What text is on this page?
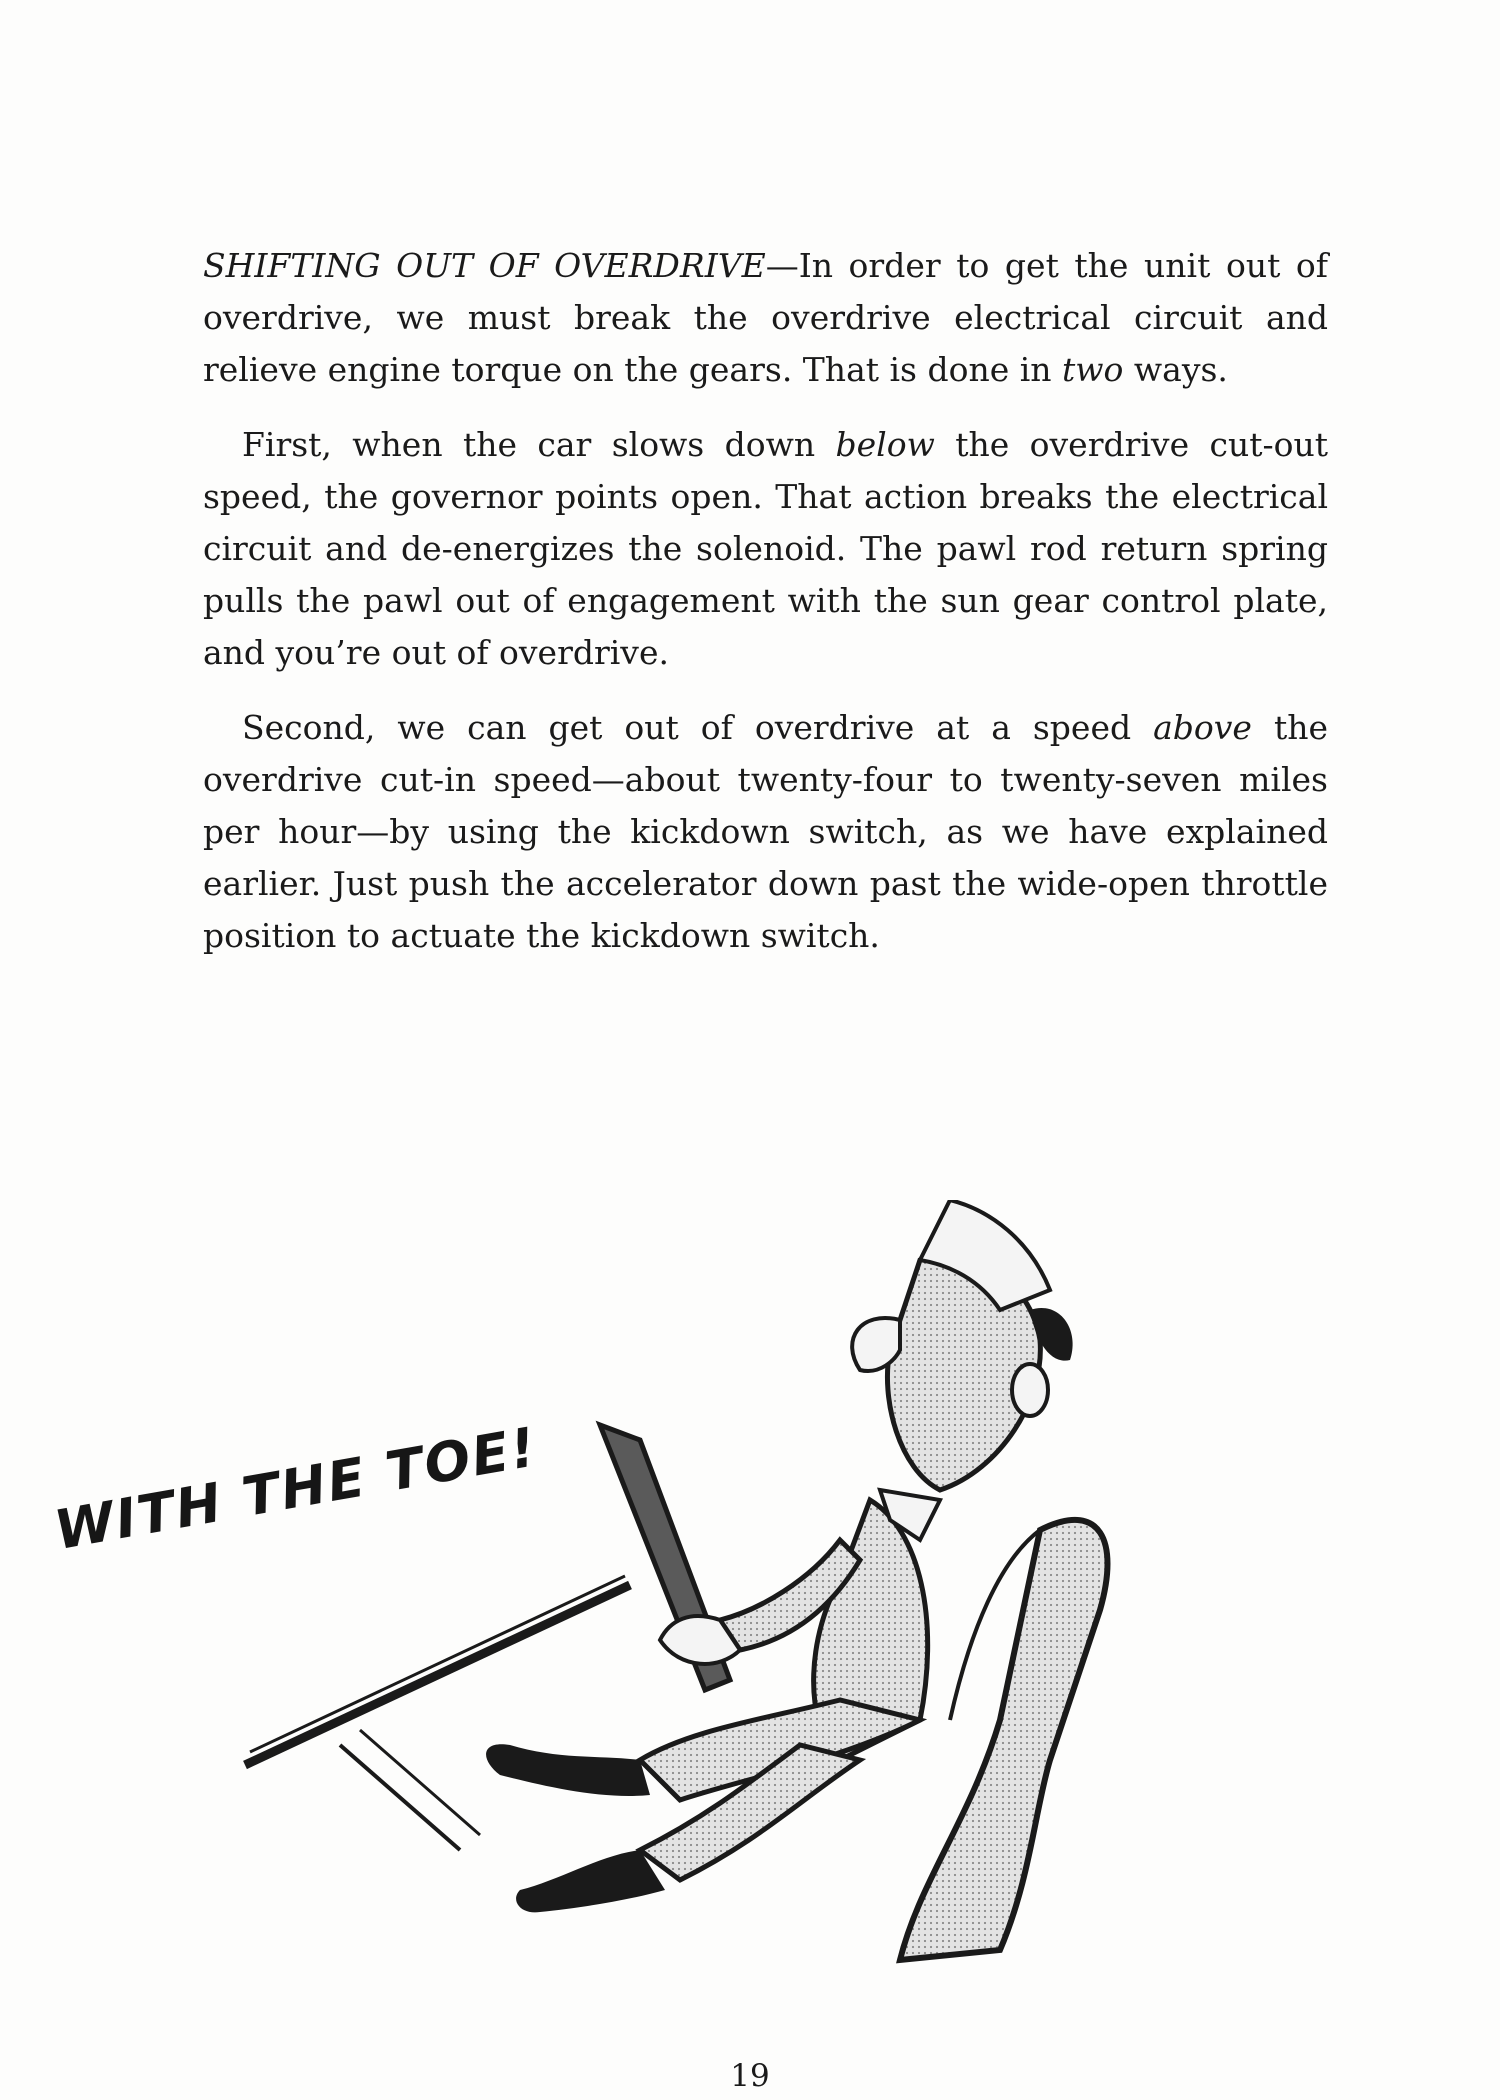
SHIFTING OUT OF OVERDRIVE—In order to get the unit out of overdrive, we must break the overdrive electrical circuit and relieve engine torque on the gears. That is done in two ways.

First, when the car slows down below the overdrive cut-out speed, the governor points open. That action breaks the electrical circuit and de-energizes the solenoid. The pawl rod return spring pulls the pawl out of engagement with the sun gear control plate, and you’re out of overdrive.

Second, we can get out of overdrive at a speed above the overdrive cut-in speed—about twenty-four to twenty-seven miles per hour—by using the kickdown switch, as we have explained earlier. Just push the accelerator down past the wide-open throttle position to actuate the kickdown switch.

WITH THE TOE!
19
